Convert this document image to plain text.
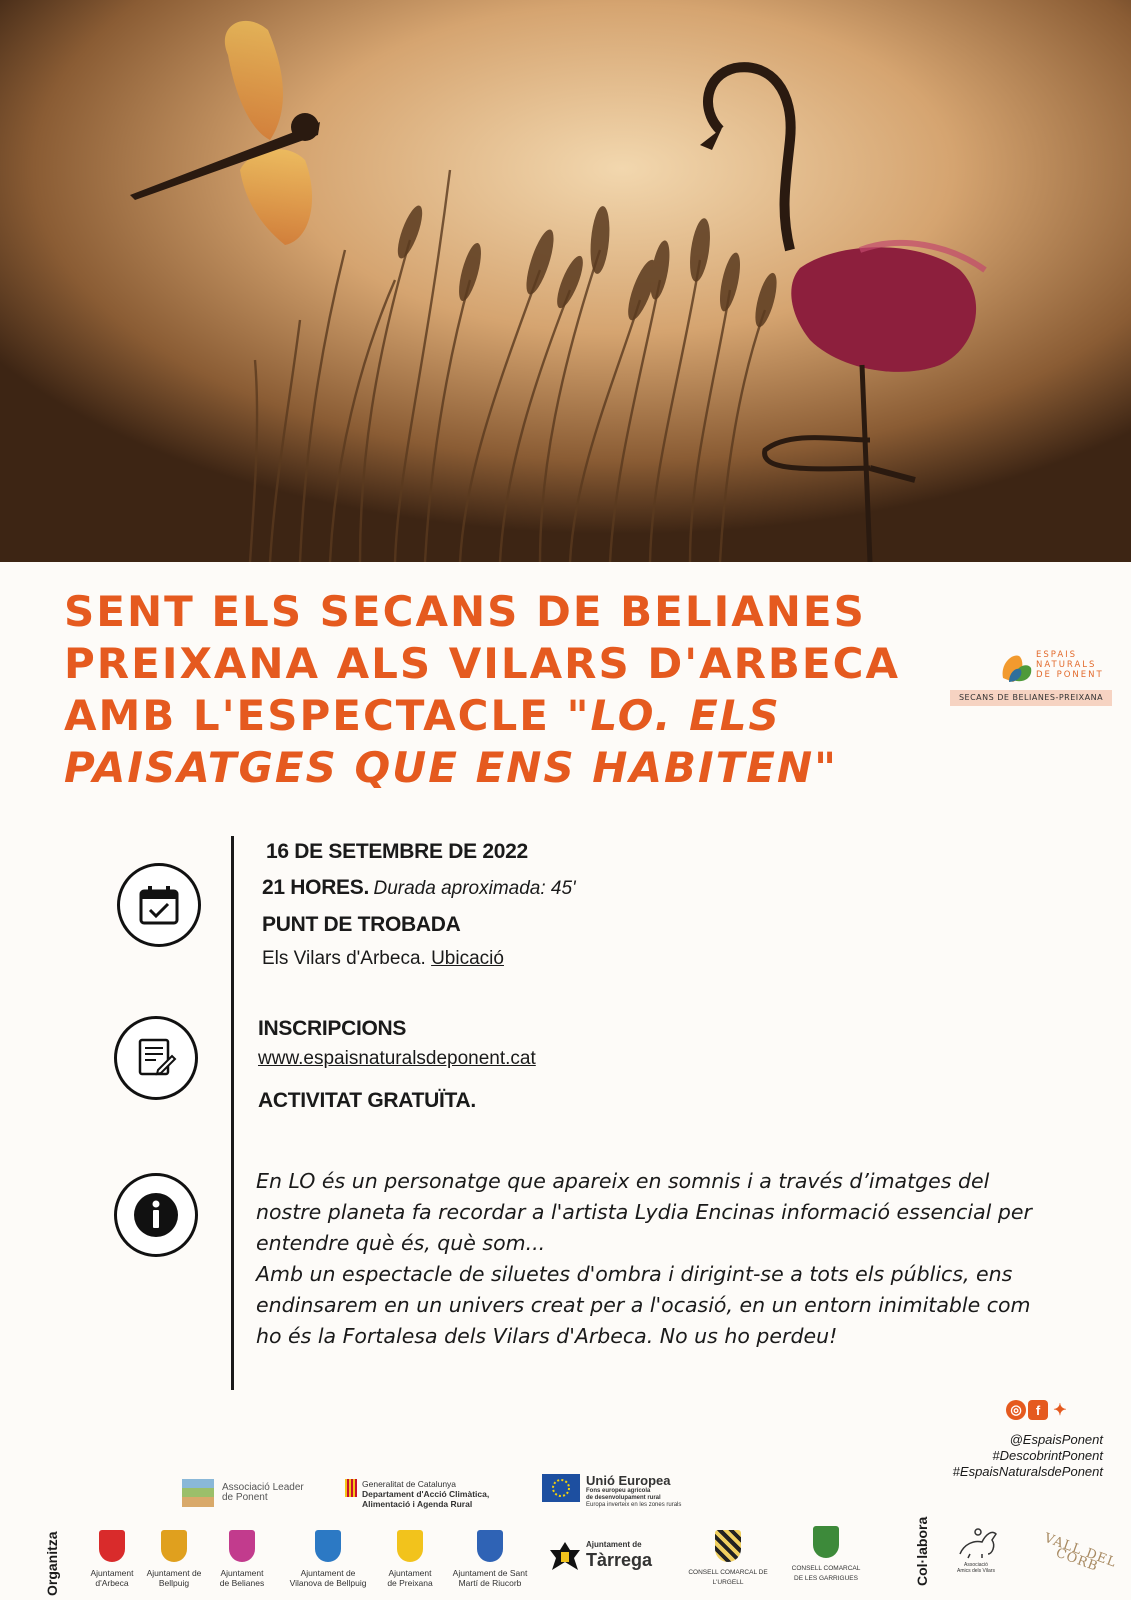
SENT ELS SECANS DE BELIANES
PREIXANA ALS VILARS D'ARBECA
AMB L'ESPECTACLE "LO. ELS
PAISATGES QUE ENS HABITEN"
ESPAIS
NATURALS
DE PONENT
SECANS DE BELIANES-PREIXANA
16 DE SETEMBRE DE 2022
21 HORES. Durada aproximada: 45'
PUNT DE TROBADA
Els Vilars d'Arbeca. Ubicació
INSCRIPCIONS
www.espaisnaturalsdeponent.cat
ACTIVITAT GRATUÏTA.

En LO és un personatge que apareix en somnis i a través d’imatges del nostre planeta fa recordar a l'artista Lydia Encinas informació essencial per entendre què és, què som...

Amb un espectacle de siluetes d'ombra i dirigint-se a tots els públics, ens endinsarem en un univers creat per a l'ocasió, en un entorn inimitable com ho és la Fortalesa dels Vilars d'Arbeca. No us ho perdeu!

◎	f ✦
@EspaisPonent
#DescobrintPonent
#EspaisNaturalsdePonent
Organitza	Col·labora
Associació Leader
de Ponent
Generalitat de Catalunya
Departament d'Acció Climàtica,
Alimentació i Agenda Rural
Unió Europea
Fons europeu agrícola
de desenvolupament rural
Europa inverteix en les zones rurals
Ajuntament
d'Arbeca
Ajuntament de
Bellpuig
Ajuntament
de Belianes
Ajuntament de
Vilanova de Bellpuig
Ajuntament
de Preixana
Ajuntament de Sant
Martí de Riucorb
Ajuntament de
Tàrrega
CONSELL COMARCAL DE L'URGELL
CONSELL COMARCAL
DE LES GARRIGUES
Associació
Amics dels Vilars
VALL DEL CORB
